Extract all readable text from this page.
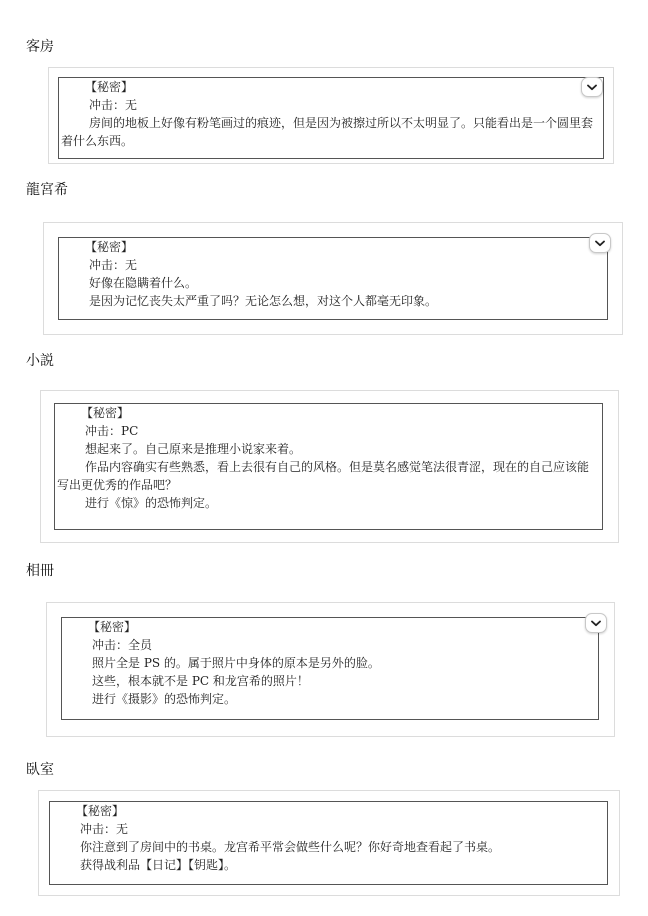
客房
【秘密】
冲击：无
房间的地板上好像有粉笔画过的痕迹，但是因为被擦过所以不太明显了。只能看出是一个圆里套着什么东西。
龍宮希
【秘密】
冲击：无
好像在隐瞒着什么。
是因为记忆丧失太严重了吗？无论怎么想，对这个人都毫无印象。
小説
【秘密】
冲击：PC
想起来了。自己原来是推理小说家来着。
作品内容确实有些熟悉，看上去很有自己的风格。但是莫名感觉笔法很青涩，现在的自己应该能写出更优秀的作品吧？
进行《惊》的恐怖判定。
相冊
【秘密】
冲击：全员
照片全是 PS 的。属于照片中身体的原本是另外的脸。
这些，根本就不是 PC 和龙宫希的照片！
进行《摄影》的恐怖判定。
臥室
【秘密】
冲击：无
你注意到了房间中的书桌。龙宫希平常会做些什么呢？你好奇地查看起了书桌。
获得战利品【日记】【钥匙】。
